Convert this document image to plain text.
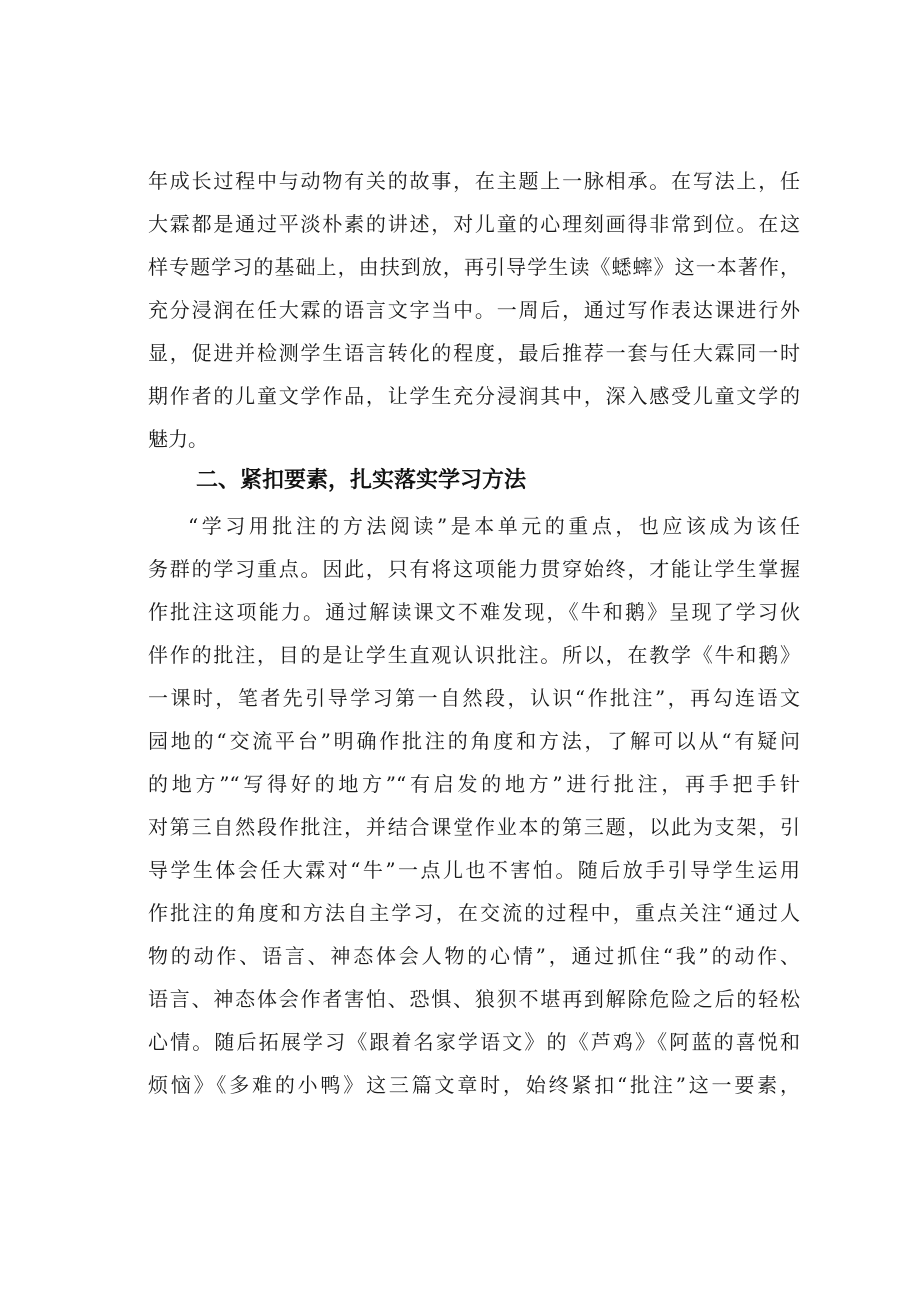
年成长过程中与动物有关的故事，在主题上一脉相承。在写法上，任
大霖都是通过平淡朴素的讲述，对儿童的心理刻画得非常到位。在这
样专题学习的基础上，由扶到放，再引导学生读《蟋蟀》这一本著作，
充分浸润在任大霖的语言文字当中。一周后，通过写作表达课进行外
显，促进并检测学生语言转化的程度，最后推荐一套与任大霖同一时
期作者的儿童文学作品，让学生充分浸润其中，深入感受儿童文学的
魅力。
二、紧扣要素，扎实落实学习方法
“学习用批注的方法阅读”是本单元的重点，也应该成为该任
务群的学习重点。因此，只有将这项能力贯穿始终，才能让学生掌握
作批注这项能力。通过解读课文不难发现，《牛和鹅》呈现了学习伙
伴作的批注，目的是让学生直观认识批注。所以，在教学《牛和鹅》
一课时，笔者先引导学习第一自然段，认识“作批注”，再勾连语文
园地的“交流平台”明确作批注的角度和方法，了解可以从“有疑问
的地方”“写得好的地方”“有启发的地方”进行批注，再手把手针
对第三自然段作批注，并结合课堂作业本的第三题，以此为支架，引
导学生体会任大霖对“牛”一点儿也不害怕。随后放手引导学生运用
作批注的角度和方法自主学习，在交流的过程中，重点关注“通过人
物的动作、语言、神态体会人物的心情”，通过抓住“我”的动作、
语言、神态体会作者害怕、恐惧、狼狈不堪再到解除危险之后的轻松
心情。随后拓展学习《跟着名家学语文》的《芦鸡》《阿蓝的喜悦和
烦恼》《多难的小鸭》这三篇文章时，始终紧扣“批注”这一要素，
